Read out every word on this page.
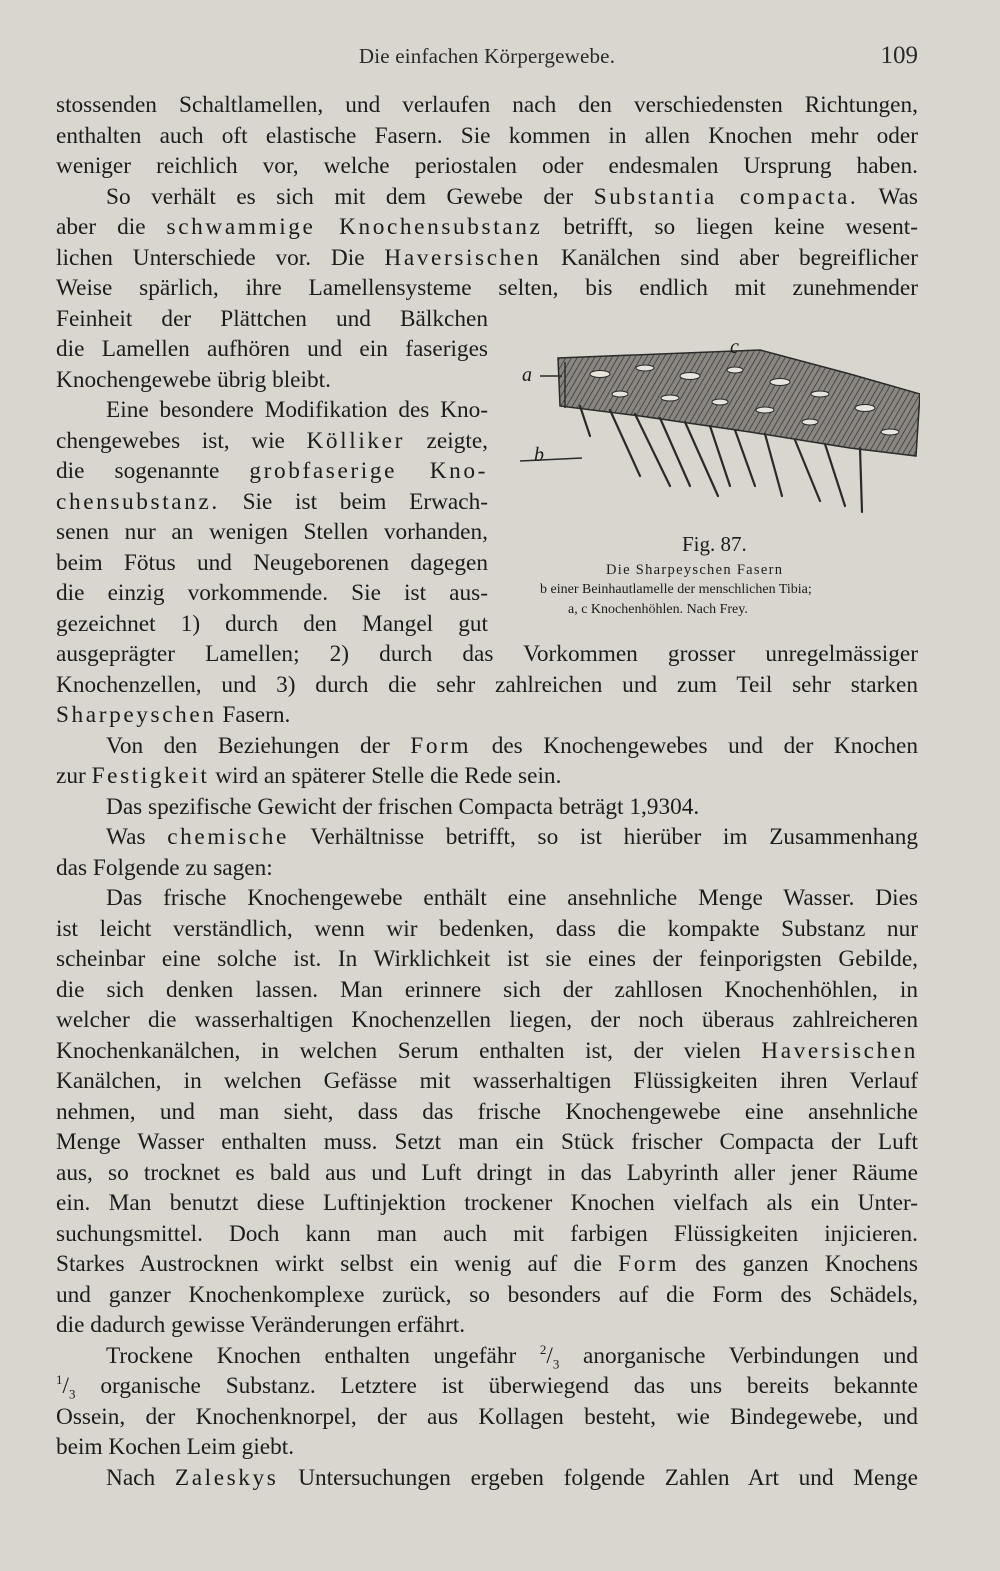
Die einfachen Körpergewebe.	109
a
b
c
Fig. 87.
Die Sharpeyschen Fasern
b einer Beinhautlamelle der menschlichen Tibia;
a, c Knochenhöhlen. Nach Frey.
stossenden Schaltlamellen, und verlaufen nach den verschiedensten Richtungen,
enthalten auch oft elastische Fasern. Sie kommen in allen Knochen mehr oder
weniger reichlich vor, welche periostalen oder endesmalen Ursprung haben.
So verhält es sich mit dem Gewebe der Substantia compacta. Was
aber die schwammige Knochensubstanz betrifft, so liegen keine wesent-
lichen Unterschiede vor. Die Haversischen Kanälchen sind aber begreiflicher
Weise spärlich, ihre Lamellensysteme selten, bis endlich mit zunehmender
Feinheit der Plättchen und Bälkchen
die Lamellen aufhören und ein faseriges
Knochengewebe übrig bleibt.
Eine besondere Modifikation des Kno-
chengewebes ist, wie Kölliker zeigte,
die sogenannte grobfaserige Kno-
chensubstanz. Sie ist beim Erwach-
senen nur an wenigen Stellen vorhanden,
beim Fötus und Neugeborenen dagegen
die einzig vorkommende. Sie ist aus-
gezeichnet 1) durch den Mangel gut
ausgeprägter Lamellen; 2) durch das Vorkommen grosser unregelmässiger
Knochenzellen, und 3) durch die sehr zahlreichen und zum Teil sehr starken
Sharpeyschen Fasern.
Von den Beziehungen der Form des Knochengewebes und der Knochen
zur Festigkeit wird an späterer Stelle die Rede sein.
Das spezifische Gewicht der frischen Compacta beträgt 1,9304.
Was chemische Verhältnisse betrifft, so ist hierüber im Zusammenhang
das Folgende zu sagen:
Das frische Knochengewebe enthält eine ansehnliche Menge Wasser. Dies
ist leicht verständlich, wenn wir bedenken, dass die kompakte Substanz nur
scheinbar eine solche ist. In Wirklichkeit ist sie eines der feinporigsten Gebilde,
die sich denken lassen. Man erinnere sich der zahllosen Knochenhöhlen, in
welcher die wasserhaltigen Knochenzellen liegen, der noch überaus zahlreicheren
Knochenkanälchen, in welchen Serum enthalten ist, der vielen Haversischen
Kanälchen, in welchen Gefässe mit wasserhaltigen Flüssigkeiten ihren Verlauf
nehmen, und man sieht, dass das frische Knochengewebe eine ansehnliche
Menge Wasser enthalten muss. Setzt man ein Stück frischer Compacta der Luft
aus, so trocknet es bald aus und Luft dringt in das Labyrinth aller jener Räume
ein. Man benutzt diese Luftinjektion trockener Knochen vielfach als ein Unter-
suchungsmittel. Doch kann man auch mit farbigen Flüssigkeiten injicieren.
Starkes Austrocknen wirkt selbst ein wenig auf die Form des ganzen Knochens
und ganzer Knochenkomplexe zurück, so besonders auf die Form des Schädels,
die dadurch gewisse Veränderungen erfährt.
Trockene Knochen enthalten ungefähr $^2/_3$ anorganische Verbindungen und
$^1/_3$ organische Substanz. Letztere ist überwiegend das uns bereits bekannte
Ossein, der Knochenknorpel, der aus Kollagen besteht, wie Bindegewebe, und
beim Kochen Leim giebt.
Nach Zaleskys Untersuchungen ergeben folgende Zahlen Art und Menge
